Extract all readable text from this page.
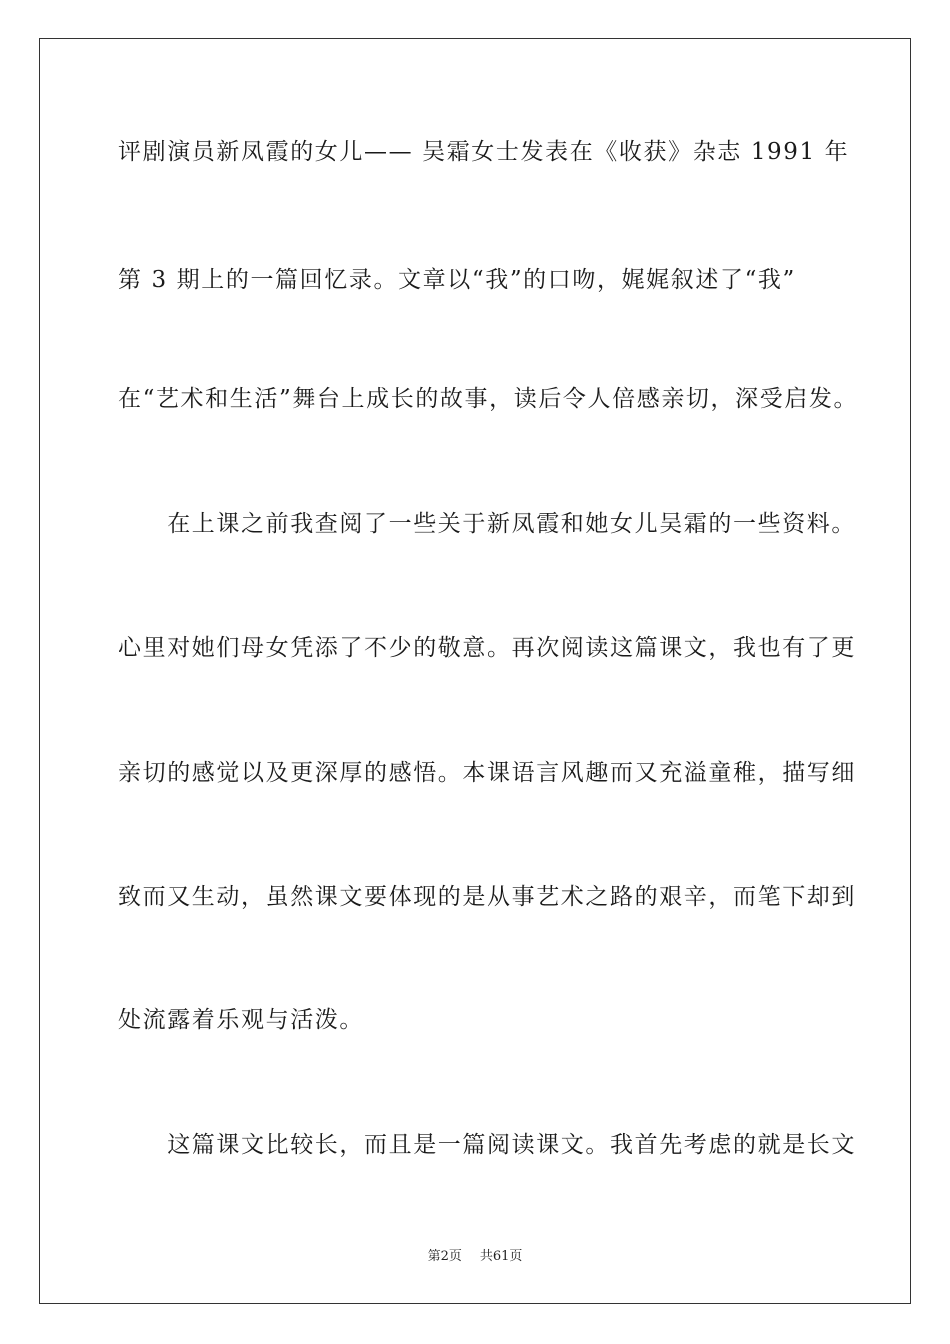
评剧演员新凤霞的女儿—— 吴霜女士发表在《收获》杂志 1991 年
第 3 期上的一篇回忆录。文章以“我”的口吻，娓娓叙述了“我”
在“艺术和生活”舞台上成长的故事，读后令人倍感亲切，深受启发。
　　在上课之前我查阅了一些关于新凤霞和她女儿吴霜的一些资料。
心里对她们母女凭添了不少的敬意。再次阅读这篇课文，我也有了更
亲切的感觉以及更深厚的感悟。本课语言风趣而又充溢童稚，描写细
致而又生动，虽然课文要体现的是从事艺术之路的艰辛，而笔下却到
处流露着乐观与活泼。
　　这篇课文比较长，而且是一篇阅读课文。我首先考虑的就是长文
第2页 共61页
